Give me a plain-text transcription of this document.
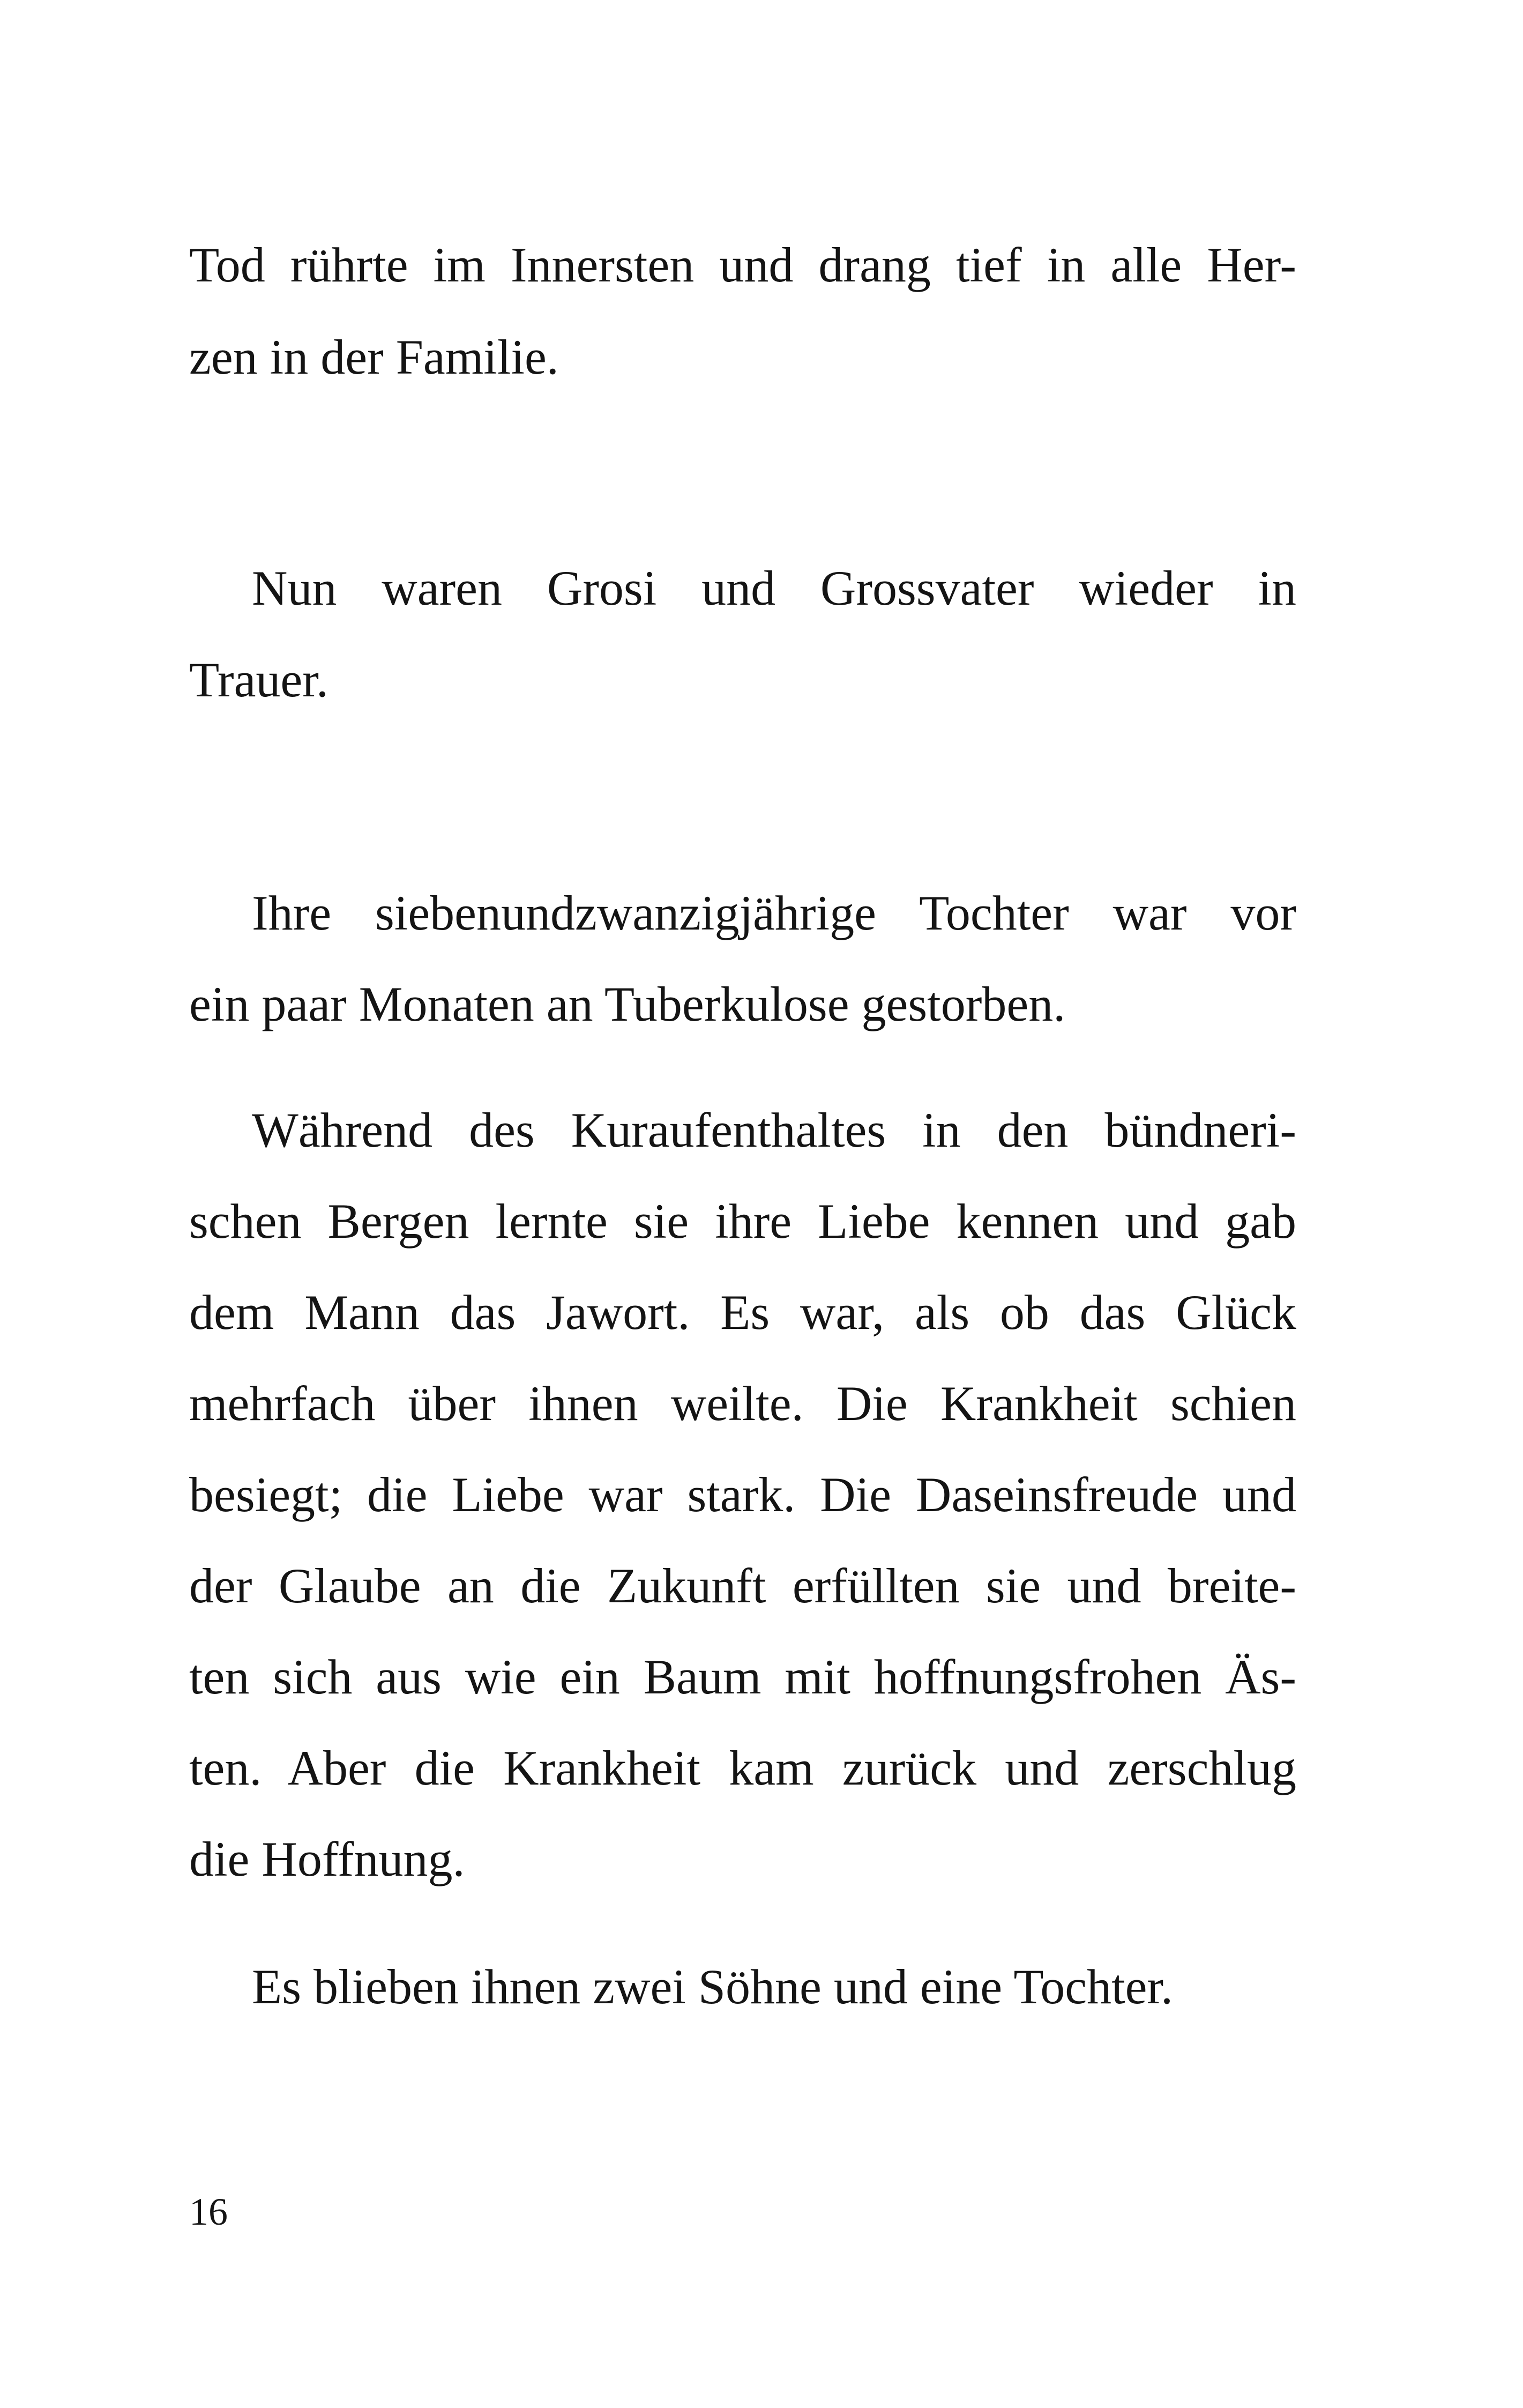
Tod rührte im Innersten und drang tief in alle Her-
zen in der Familie.
Nun waren Grosi und Grossvater wieder in
Trauer.
Ihre siebenundzwanzigjährige Tochter war vor
ein paar Monaten an Tuberkulose gestorben.
Während des Kuraufenthaltes in den bündneri-
schen Bergen lernte sie ihre Liebe kennen und gab
dem Mann das Jawort. Es war, als ob das Glück
mehrfach über ihnen weilte. Die Krankheit schien
besiegt; die Liebe war stark. Die Daseinsfreude und
der Glaube an die Zukunft erfüllten sie und breite-
ten sich aus wie ein Baum mit hoffnungsfrohen Äs-
ten. Aber die Krankheit kam zurück und zerschlug
die Hoffnung.
Es blieben ihnen zwei Söhne und eine Tochter.
16
